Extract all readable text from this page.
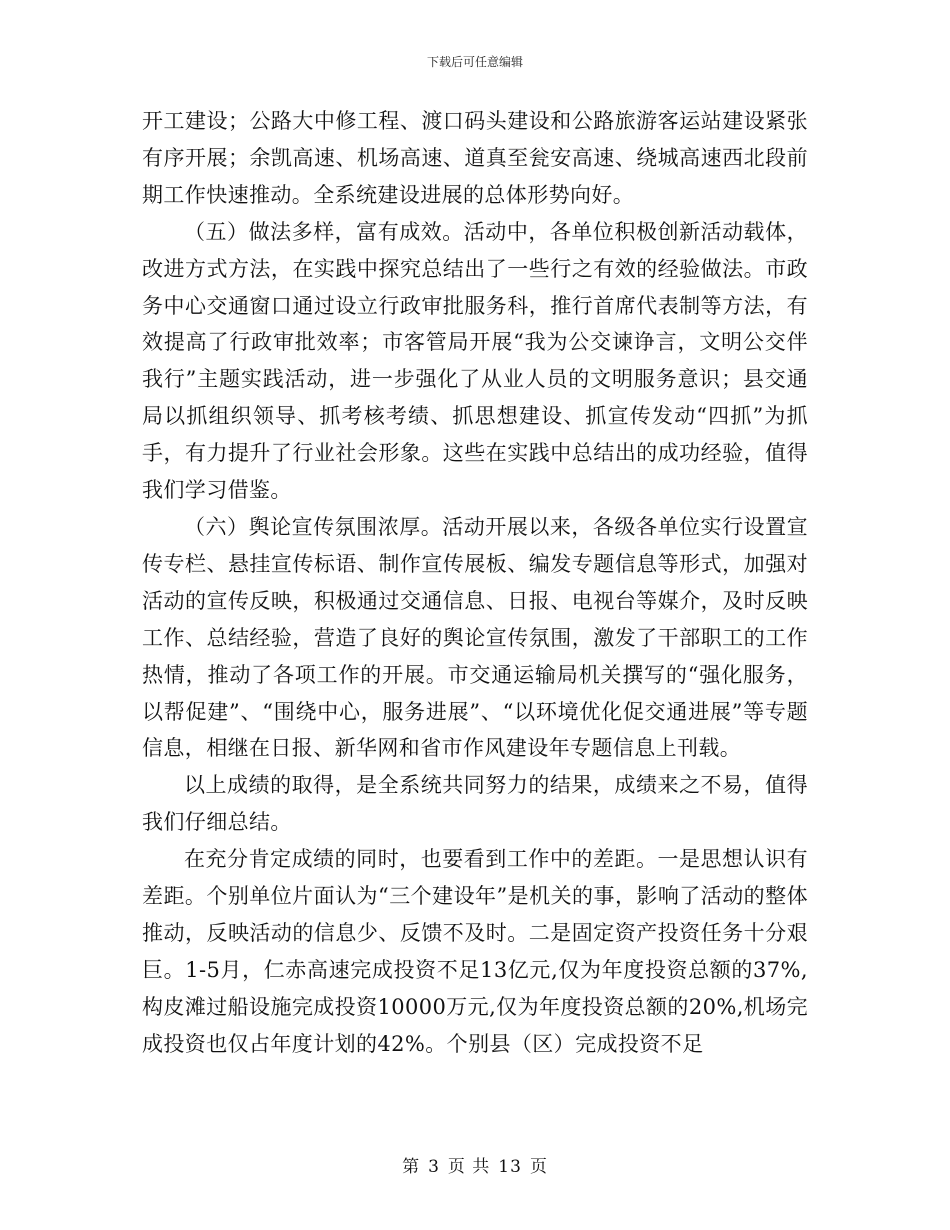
下载后可任意编辑

开工建设；公路大中修工程、渡口码头建设和公路旅游客运站建设紧张有序开展；余凯高速、机场高速、道真至瓮安高速、绕城高速西北段前期工作快速推动。全系统建设进展的总体形势向好。

（五）做法多样，富有成效。活动中，各单位积极创新活动载体，改进方式方法，在实践中探究总结出了一些行之有效的经验做法。市政务中心交通窗口通过设立行政审批服务科，推行首席代表制等方法，有效提高了行政审批效率；市客管局开展“我为公交谏诤言，文明公交伴我行”主题实践活动，进一步强化了从业人员的文明服务意识；县交通局以抓组织领导、抓考核考绩、抓思想建设、抓宣传发动“四抓”为抓手，有力提升了行业社会形象。这些在实践中总结出的成功经验，值得我们学习借鉴。

（六）舆论宣传氛围浓厚。活动开展以来，各级各单位实行设置宣传专栏、悬挂宣传标语、制作宣传展板、编发专题信息等形式，加强对活动的宣传反映，积极通过交通信息、日报、电视台等媒介，及时反映工作、总结经验，营造了良好的舆论宣传氛围，激发了干部职工的工作热情，推动了各项工作的开展。市交通运输局机关撰写的“强化服务，以帮促建”、“围绕中心，服务进展”、“以环境优化促交通进展”等专题信息，相继在日报、新华网和省市作风建设年专题信息上刊载。

以上成绩的取得，是全系统共同努力的结果，成绩来之不易，值得我们仔细总结。

在充分肯定成绩的同时，也要看到工作中的差距。一是思想认识有差距。个别单位片面认为“三个建设年”是机关的事，影响了活动的整体推动，反映活动的信息少、反馈不及时。二是固定资产投资任务十分艰巨。1-5月，仁赤高速完成投资不足13亿元,仅为年度投资总额的37%,构皮滩过船设施完成投资10000万元,仅为年度投资总额的20%,机场完成投资也仅占年度计划的42%。个别县（区）完成投资不足

第 3 页 共 13 页
